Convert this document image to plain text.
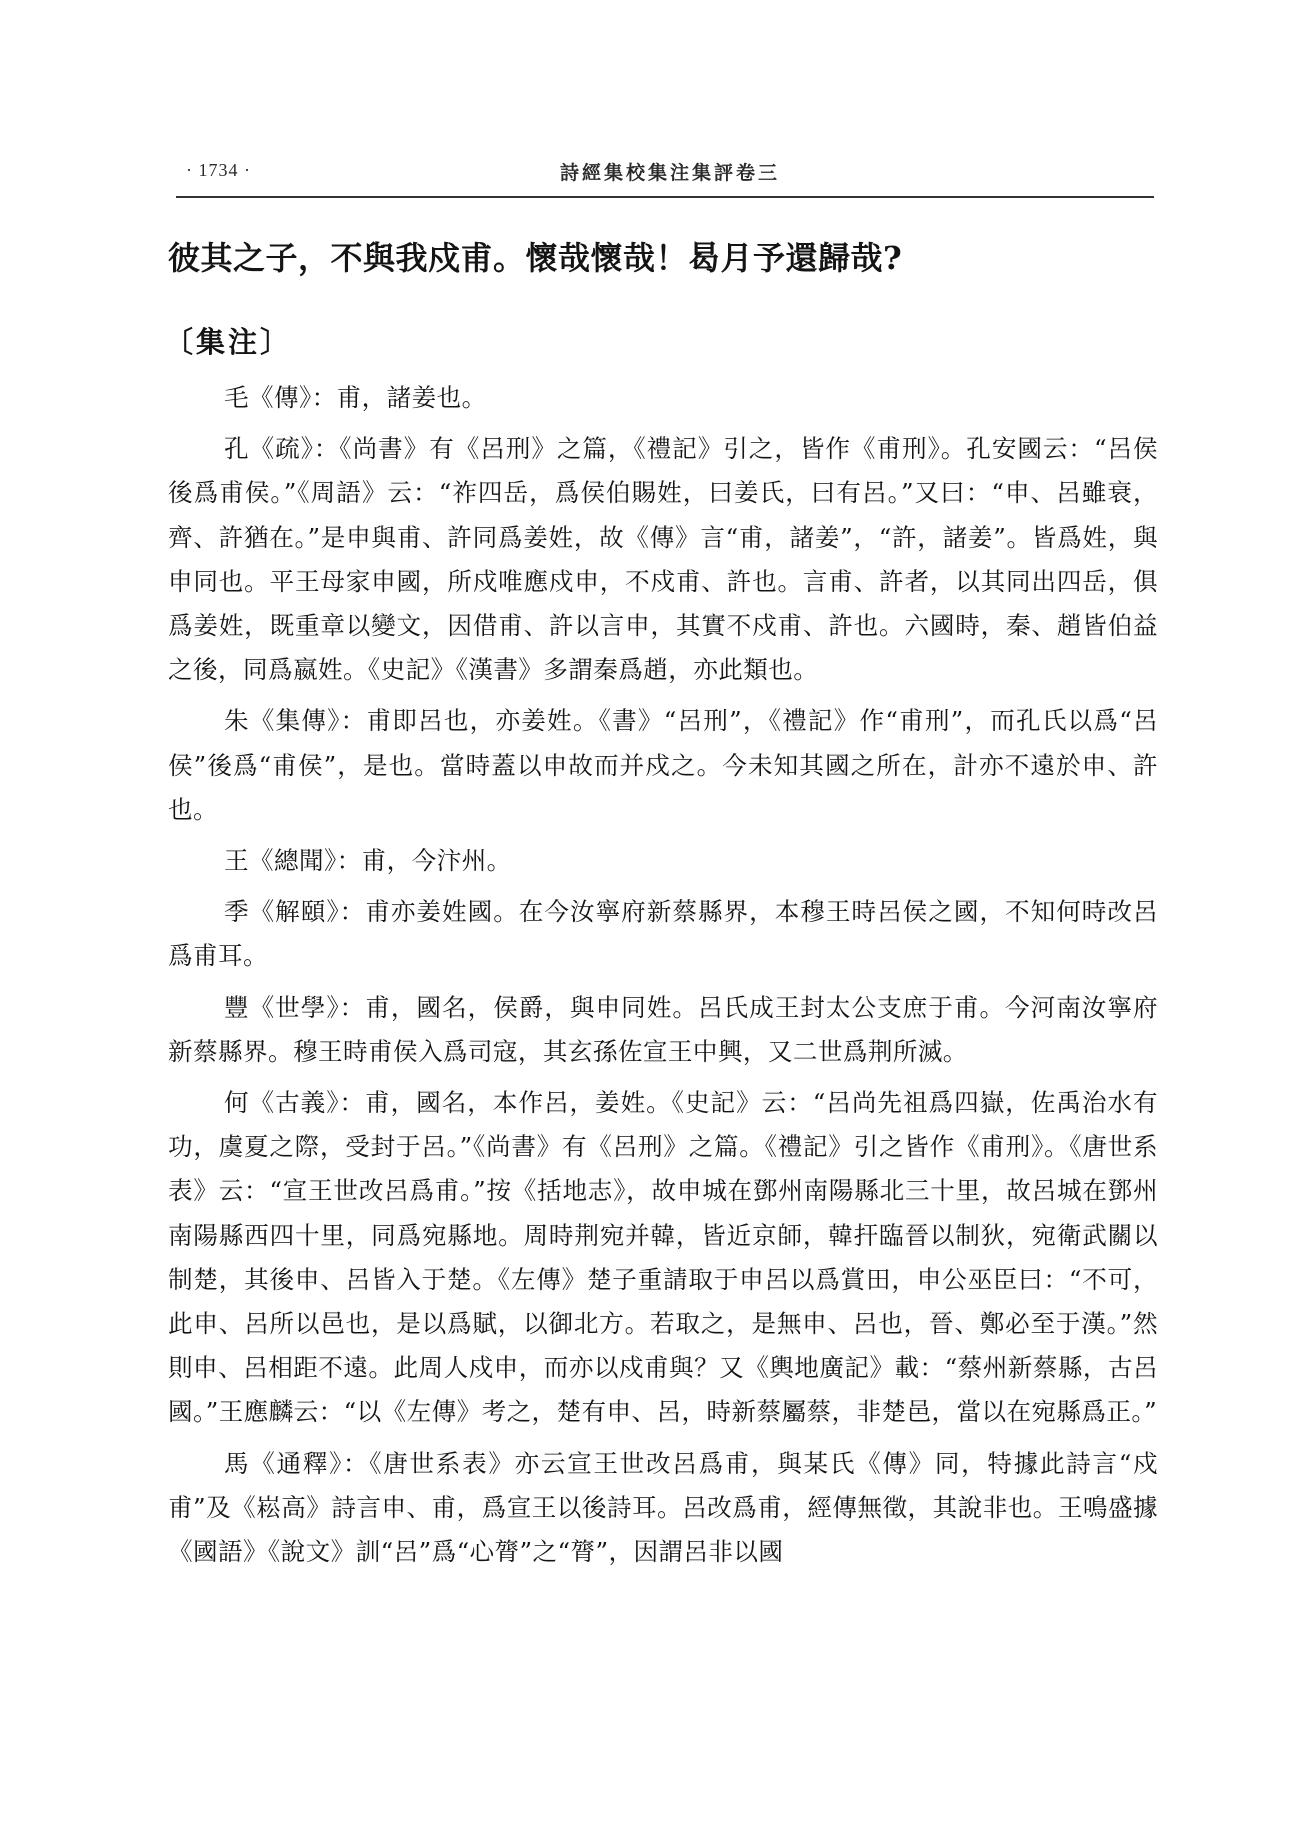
· 1734 ·	詩經集校集注集評卷三
彼其之子，不與我戍甫。懷哉懷哉！曷月予還歸哉?
〔集注〕

毛《傳》：甫，諸姜也。

孔《疏》：《尚書》有《呂刑》之篇，《禮記》引之，皆作《甫刑》。孔安國云：“呂侯後爲甫侯。”《周語》云：“祚四岳，爲侯伯賜姓，曰姜氏，曰有呂。”又曰：“申、呂雖衰，齊、許猶在。”是申與甫、許同爲姜姓，故《傳》言“甫，諸姜”，“許，諸姜”。皆爲姓，與申同也。平王母家申國，所戍唯應戍申，不戍甫、許也。言甫、許者，以其同出四岳，俱爲姜姓，既重章以變文，因借甫、許以言申，其實不戍甫、許也。六國時，秦、趙皆伯益之後，同爲嬴姓。《史記》《漢書》多謂秦爲趙，亦此類也。

朱《集傳》：甫即呂也，亦姜姓。《書》“呂刑”，《禮記》作“甫刑”，而孔氏以爲“呂侯”後爲“甫侯”，是也。當時蓋以申故而并戍之。今未知其國之所在，計亦不遠於申、許也。

王《總聞》：甫，今汴州。

季《解頤》：甫亦姜姓國。在今汝寧府新蔡縣界，本穆王時呂侯之國，不知何時改呂爲甫耳。

豐《世學》：甫，國名，侯爵，與申同姓。呂氏成王封太公支庶于甫。今河南汝寧府新蔡縣界。穆王時甫侯入爲司寇，其玄孫佐宣王中興，又二世爲荆所滅。

何《古義》：甫，國名，本作呂，姜姓。《史記》云：“呂尚先祖爲四嶽，佐禹治水有功，虞夏之際，受封于呂。”《尚書》有《呂刑》之篇。《禮記》引之皆作《甫刑》。《唐世系表》云：“宣王世改呂爲甫。”按《括地志》，故申城在鄧州南陽縣北三十里，故呂城在鄧州南陽縣西四十里，同爲宛縣地。周時荆宛并韓，皆近京師，韓扞臨晉以制狄，宛衛武關以制楚，其後申、呂皆入于楚。《左傳》楚子重請取于申呂以爲賞田，申公巫臣曰：“不可，此申、呂所以邑也，是以爲賦，以御北方。若取之，是無申、呂也，晉、鄭必至于漢。”然則申、呂相距不遠。此周人戍申，而亦以戍甫與？又《輿地廣記》載：“蔡州新蔡縣，古呂國。”王應麟云：“以《左傳》考之，楚有申、呂，時新蔡屬蔡，非楚邑，當以在宛縣爲正。”

馬《通釋》：《唐世系表》亦云宣王世改呂爲甫，與某氏《傳》同，特據此詩言“戍甫”及《崧高》詩言申、甫，爲宣王以後詩耳。呂改爲甫，經傳無徵，其說非也。王鳴盛據《國語》《說文》訓“呂”爲“心膂”之“膂”，因謂呂非以國
